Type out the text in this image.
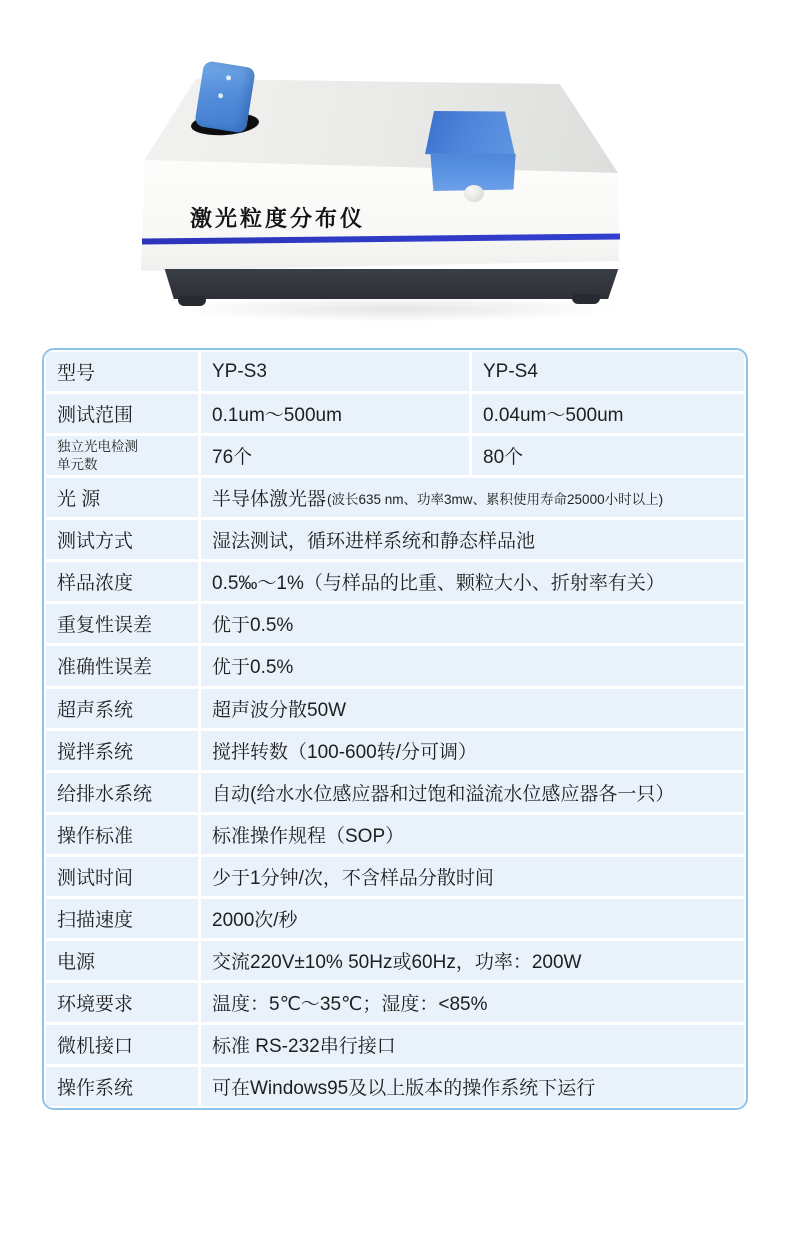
激光粒度分布仪
型号	YP-S3	YP-S4
测试范围	0.1um～500um	0.04um～500um
独立光电检测单元数	76个	80个
光 源	半导体激光器 (波长635 nm、功率3mw、累积使用寿命25000小时以上)
测试方式	湿法测试，循环进样系统和静态样品池
样品浓度	0.5‰～1%（与样品的比重、颗粒大小、折射率有关）
重复性误差	优于0.5%
准确性误差	优于0.5%
超声系统	超声波分散50W
搅拌系统	搅拌转数（100-600转/分可调）
给排水系统	自动(给水水位感应器和过饱和溢流水位感应器各一只）
操作标准	标准操作规程（SOP）
测试时间	少于1分钟/次，不含样品分散时间
扫描速度	2000次/秒
电源	交流220V±10% 50Hz或60Hz，功率：200W
环境要求	温度：5℃～35℃；湿度：<85%
微机接口	标准 RS-232串行接口
操作系统	可在Windows95及以上版本的操作系统下运行
